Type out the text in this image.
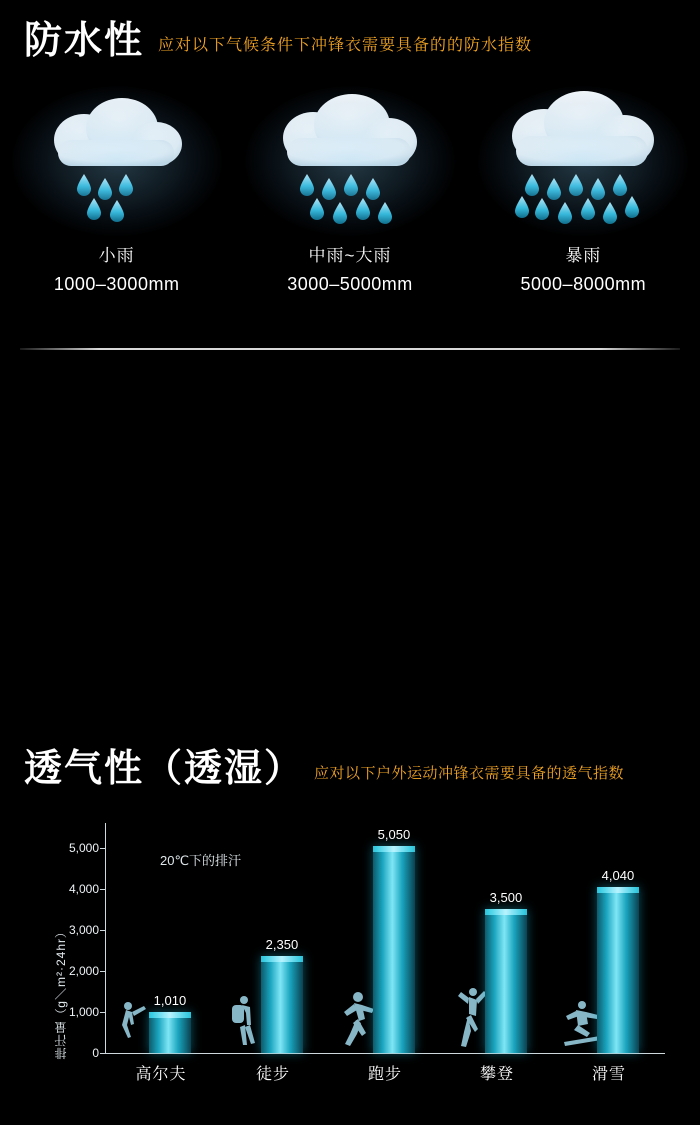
防水性 应对以下气候条件下冲锋衣需要具备的的防水指数
小雨
1000–3000mm
中雨~大雨
3000–5000mm
暴雨
5000–8000mm
透气性（透湿） 应对以下户外运动冲锋衣需要具备的透气指数
20℃下的排汗
排汗量（g／m²·24hr） 0
1,000
2,000
3,000
4,000
5,000
1,010
2,350
5,050
3,500
4,040
高尔夫	徒步	跑步	攀登	滑雪
